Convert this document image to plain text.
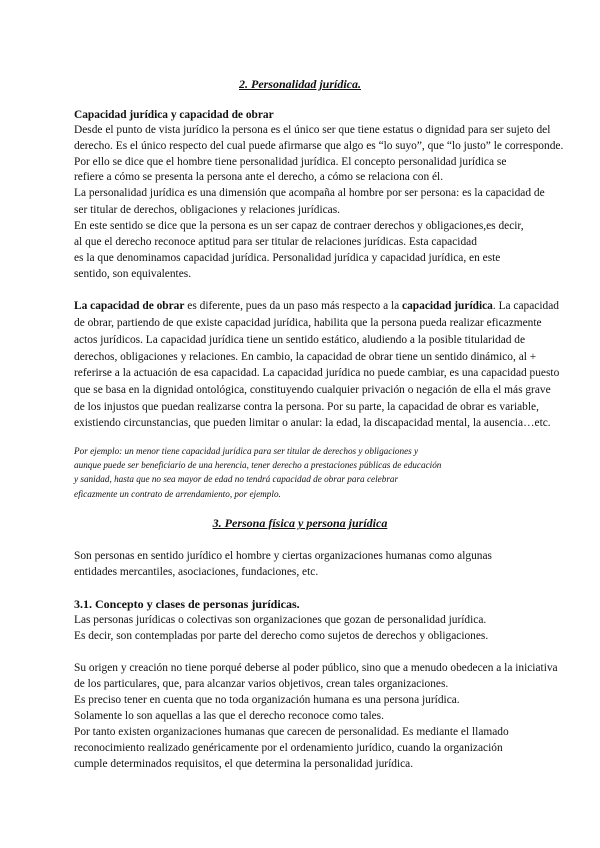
2. Personalidad jurídica.
Capacidad jurídica y capacidad de obrar
Desde el punto de vista jurídico la persona es el único ser que tiene estatus o dignidad para ser sujeto del
derecho. Es el único respecto del cual puede afirmarse que algo es “lo suyo”, que “lo justo” le corresponde.
Por ello se dice que el hombre tiene personalidad jurídica. El concepto personalidad jurídica se
refiere a cómo se presenta la persona ante el derecho, a cómo se relaciona con él.
La personalidad jurídica es una dimensión que acompaña al hombre por ser persona: es la capacidad de
ser titular de derechos, obligaciones y relaciones jurídicas.
En este sentido se dice que la persona es un ser capaz de contraer derechos y obligaciones,es decir,
al que el derecho reconoce aptitud para ser titular de relaciones jurídicas. Esta capacidad
es la que denominamos capacidad jurídica. Personalidad jurídica y capacidad jurídica, en este
sentido, son equivalentes.
La capacidad de obrar es diferente, pues da un paso más respecto a la capacidad jurídica. La capacidad
de obrar, partiendo de que existe capacidad jurídica, habilita que la persona pueda realizar eficazmente
actos jurídicos. La capacidad jurídica tiene un sentido estático, aludiendo a la posible titularidad de
derechos, obligaciones y relaciones. En cambio, la capacidad de obrar tiene un sentido dinámico, al +
referirse a la actuación de esa capacidad. La capacidad jurídica no puede cambiar, es una capacidad puesto
que se basa en la dignidad ontológica, constituyendo cualquier privación o negación de ella el más grave
de los injustos que puedan realizarse contra la persona. Por su parte, la capacidad de obrar es variable,
existiendo circunstancias, que pueden limitar o anular: la edad, la discapacidad mental, la ausencia…etc.
Por ejemplo: un menor tiene capacidad jurídica para ser titular de derechos y obligaciones y
aunque puede ser beneficiario de una herencia, tener derecho a prestaciones públicas de educación
y sanidad, hasta que no sea mayor de edad no tendrá capacidad de obrar para celebrar
eficazmente un contrato de arrendamiento, por ejemplo.
3. Persona física y persona jurídica
Son personas en sentido jurídico el hombre y ciertas organizaciones humanas como algunas
entidades mercantiles, asociaciones, fundaciones, etc.
3.1. Concepto y clases de personas jurídicas.
Las personas jurídicas o colectivas son organizaciones que gozan de personalidad jurídica.
Es decir, son contempladas por parte del derecho como sujetos de derechos y obligaciones.
Su origen y creación no tiene porqué deberse al poder público, sino que a menudo obedecen a la iniciativa
de los particulares, que, para alcanzar varios objetivos, crean tales organizaciones.
Es preciso tener en cuenta que no toda organización humana es una persona jurídica.
Solamente lo son aquellas a las que el derecho reconoce como tales.
Por tanto existen organizaciones humanas que carecen de personalidad. Es mediante el llamado
reconocimiento realizado genéricamente por el ordenamiento jurídico, cuando la organización
cumple determinados requisitos, el que determina la personalidad jurídica.
